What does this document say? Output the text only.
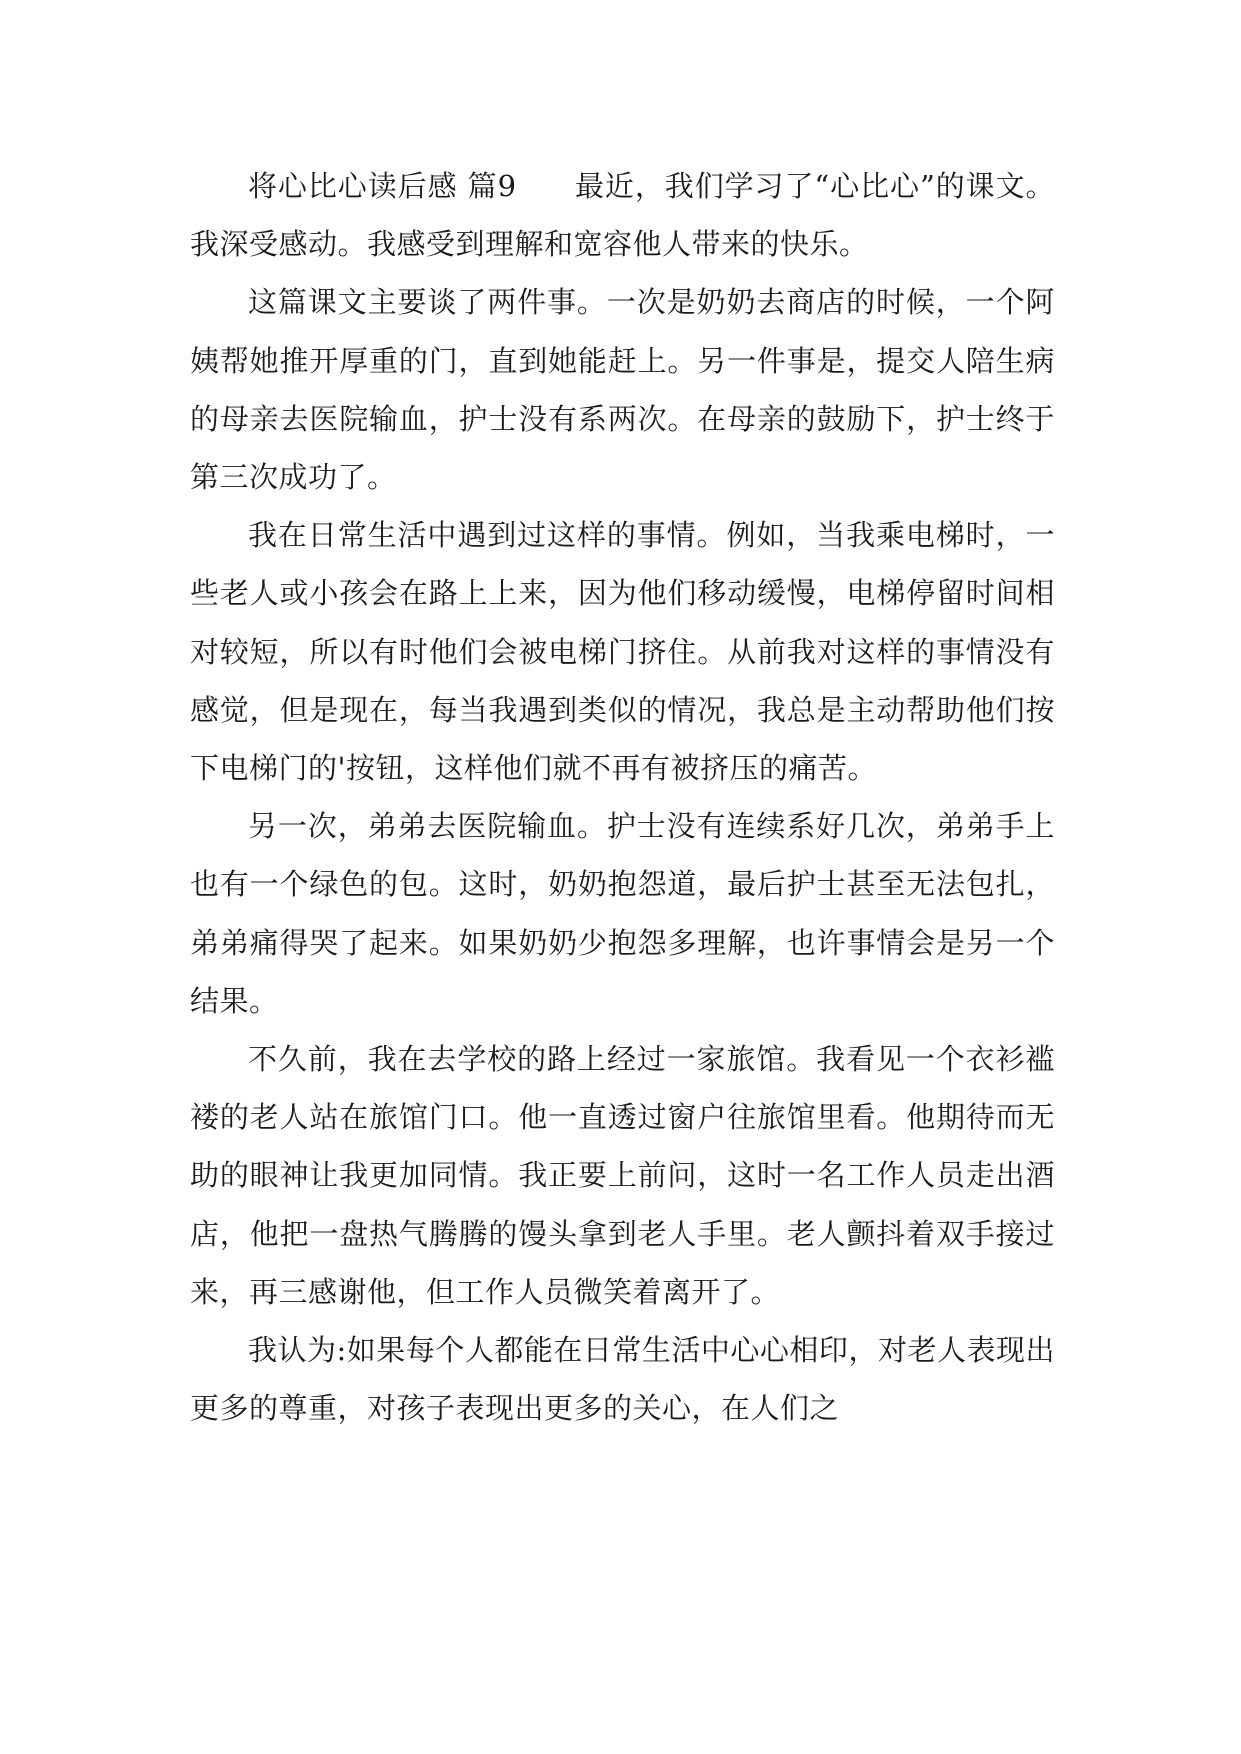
将心比心读后感 篇9 最近，我们学习了“心比心”的课文。我深受感动。我感受到理解和宽容他人带来的快乐。

这篇课文主要谈了两件事。一次是奶奶去商店的时候，一个阿姨帮她推开厚重的门，直到她能赶上。另一件事是，提交人陪生病的母亲去医院输血，护士没有系两次。在母亲的鼓励下，护士终于第三次成功了。

我在日常生活中遇到过这样的事情。例如，当我乘电梯时，一些老人或小孩会在路上上来，因为他们移动缓慢，电梯停留时间相对较短，所以有时他们会被电梯门挤住。从前我对这样的事情没有感觉，但是现在，每当我遇到类似的情况，我总是主动帮助他们按下电梯门的'按钮，这样他们就不再有被挤压的痛苦。

另一次，弟弟去医院输血。护士没有连续系好几次，弟弟手上也有一个绿色的包。这时，奶奶抱怨道，最后护士甚至无法包扎，弟弟痛得哭了起来。如果奶奶少抱怨多理解，也许事情会是另一个结果。

不久前，我在去学校的路上经过一家旅馆。我看见一个衣衫褴褛的老人站在旅馆门口。他一直透过窗户往旅馆里看。他期待而无助的眼神让我更加同情。我正要上前问，这时一名工作人员走出酒店，他把一盘热气腾腾的馒头拿到老人手里。老人颤抖着双手接过来，再三感谢他，但工作人员微笑着离开了。

我认为:如果每个人都能在日常生活中心心相印，对老人表现出更多的尊重，对孩子表现出更多的关心，在人们之
